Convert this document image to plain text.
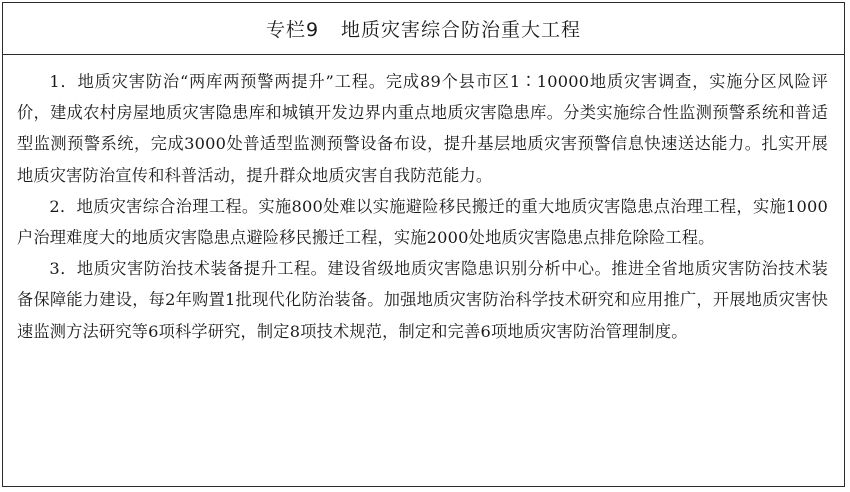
专栏9 地质灾害综合防治重大工程

1．地质灾害防治“两库两预警两提升”工程。完成89个县市区1∶10000地质灾害调查，实施分区风险评价，建成农村房屋地质灾害隐患库和城镇开发边界内重点地质灾害隐患库。分类实施综合性监测预警系统和普适型监测预警系统，完成3000处普适型监测预警设备布设，提升基层地质灾害预警信息快速送达能力。扎实开展地质灾害防治宣传和科普活动，提升群众地质灾害自我防范能力。

2．地质灾害综合治理工程。实施800处难以实施避险移民搬迁的重大地质灾害隐患点治理工程，实施1000户治理难度大的地质灾害隐患点避险移民搬迁工程，实施2000处地质灾害隐患点排危除险工程。

3．地质灾害防治技术装备提升工程。建设省级地质灾害隐患识别分析中心。推进全省地质灾害防治技术装备保障能力建设，每2年购置1批现代化防治装备。加强地质灾害防治科学技术研究和应用推广，开展地质灾害快速监测方法研究等6项科学研究，制定8项技术规范，制定和完善6项地质灾害防治管理制度。
